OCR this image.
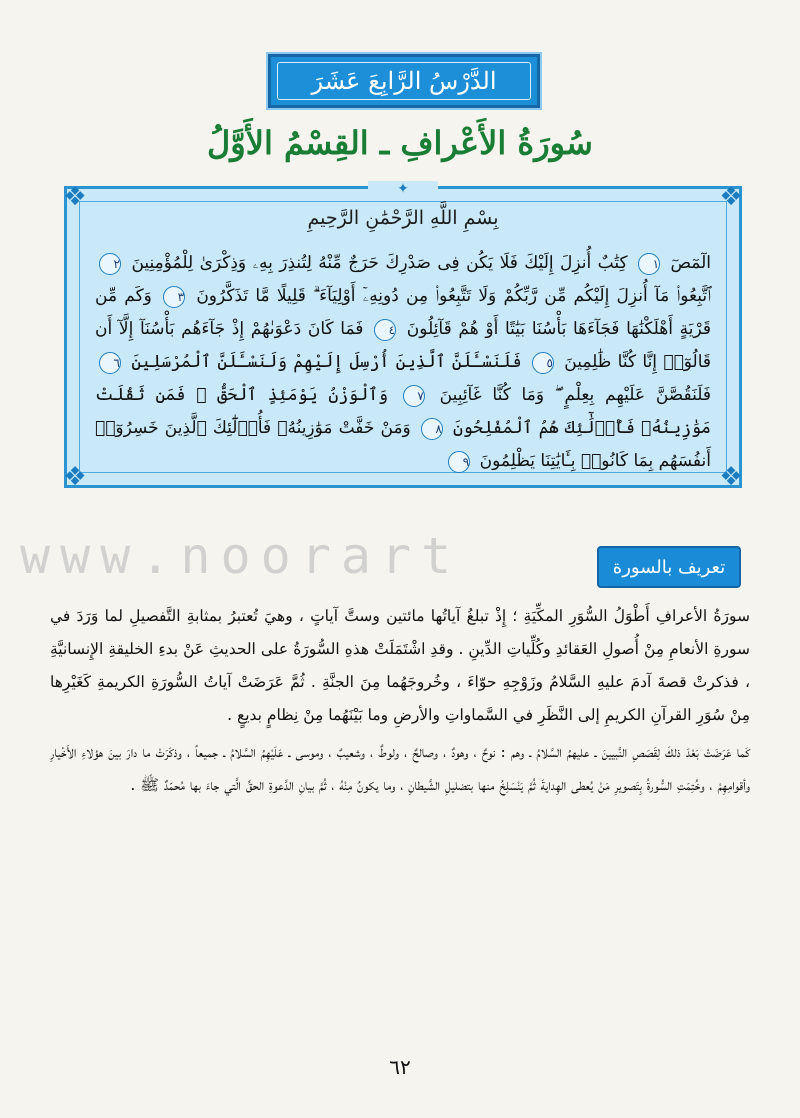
الدَّرْسُ الرَّابِعَ عَشَرَ
سُورَةُ الأَعْرافِ ـ القِسْمُ الأَوَّلُ
❖	❖
❖	❖
✦
بِسْمِ اللَّهِ الرَّحْمَٰنِ الرَّحِيمِ
الٓمٓصٓ ١ كِتَٰبٌ أُنزِلَ إِلَيْكَ فَلَا يَكُن فِى صَدْرِكَ حَرَجٌ مِّنْهُ لِتُنذِرَ بِهِۦ وَذِكْرَىٰ لِلْمُؤْمِنِينَ ٢ ٱتَّبِعُوا۟ مَآ أُنزِلَ إِلَيْكُم مِّن رَّبِّكُمْ وَلَا تَتَّبِعُوا۟ مِن دُونِهِۦٓ أَوْلِيَآءَ ۗ قَلِيلًا مَّا تَذَكَّرُونَ ٣ وَكَم مِّن قَرْيَةٍ أَهْلَكْنَٰهَا فَجَآءَهَا بَأْسُنَا بَيَٰتًا أَوْ هُمْ قَآئِلُونَ ٤ فَمَا كَانَ دَعْوَىٰهُمْ إِذْ جَآءَهُم بَأْسُنَآ إِلَّآ أَن قَالُوٓا۟ إِنَّا كُنَّا ظَٰلِمِينَ ٥ فَلَنَسْـَٔلَنَّ ٱلَّذِينَ أُرْسِلَ إِلَيْهِمْ وَلَنَسْـَٔلَنَّ ٱلْمُرْسَلِينَ ٦ فَلَنَقُصَّنَّ عَلَيْهِم بِعِلْمٍ ۖ وَمَا كُنَّا غَآئِبِينَ ٧ وَٱلْوَزْنُ يَوْمَئِذٍ ٱلْحَقُّ ۚ فَمَن ثَقُلَتْ مَوَٰزِينُهُۥ فَأُو۟لَٰٓئِكَ هُمُ ٱلْمُفْلِحُونَ ٨ وَمَنْ خَفَّتْ مَوَٰزِينُهُۥ فَأُو۟لَٰٓئِكَ ٱلَّذِينَ خَسِرُوٓا۟ أَنفُسَهُم بِمَا كَانُوا۟ بِـَٔايَٰتِنَا يَظْلِمُونَ ٩
www.noorart	تعريف بالسورة

سورَةُ الأعرافِ أَطْوَلُ السُّوَرِ المكِّيَةِ ؛ إِذْ تبلغُ آياتُها مائتين وستَّ آياتٍ ، وهيَ تُعتبرُ بمثابةِ التَّفصيلِ لما وَرَدَ في سورةِ الأنعامِ مِنْ أُصولِ العَقائدِ وكُلِّياتِ الدِّينِ . وقدِ اشْتَمَلَتْ هذهِ السُّورَةُ على الحديثِ عَنْ بدءِ الخليقةِ الإِنسانيَّةِ ، فذكرتْ قصةَ آدمَ عليهِ السَّلامُ وزَوْجِهِ حوّاءَ ، وخُروجَهُما مِنَ الجنَّةِ . ثُمَّ عَرَضَتْ آياتُ السُّورَةِ الكريمةِ كَغَيْرِها مِنْ سُوَرِ القرآنِ الكريمِ إلى النَّظَرِ في السَّماواتِ والأرضِ وما بَيْنَهُما مِنْ نِظامٍ بديعٍ .

كَما عَرَضَتْ بَعْدَ ذلكَ لِقَصَصِ النَّبيينَ ـ عليهمُ السَّلامُ ـ وهم : نوحٌ ، وهودٌ ، وصالحٌ ، ولوطٌ ، وشعيبٌ ، وموسى ـ عَلَيْهِمُ السَّلامُ ـ جميعاً ، وذكَرَتْ ما دارَ بينَ هؤلاءِ الأَخْيارِ وأقوامِهِمْ ، وخُتِمَتِ السُّورةُ بِتَصويرِ مَنْ يُعطى الهِدايةَ ثُمَّ يَنْسَلِخُ منها بتضليلِ الشَّيطانِ ، وما يكونُ مِنْهُ ، ثُمَّ بيانِ الدَّعوةِ الحقِّ الَّتي جاءَ بها مُحمّدٌ ﷺ .

٦٢
